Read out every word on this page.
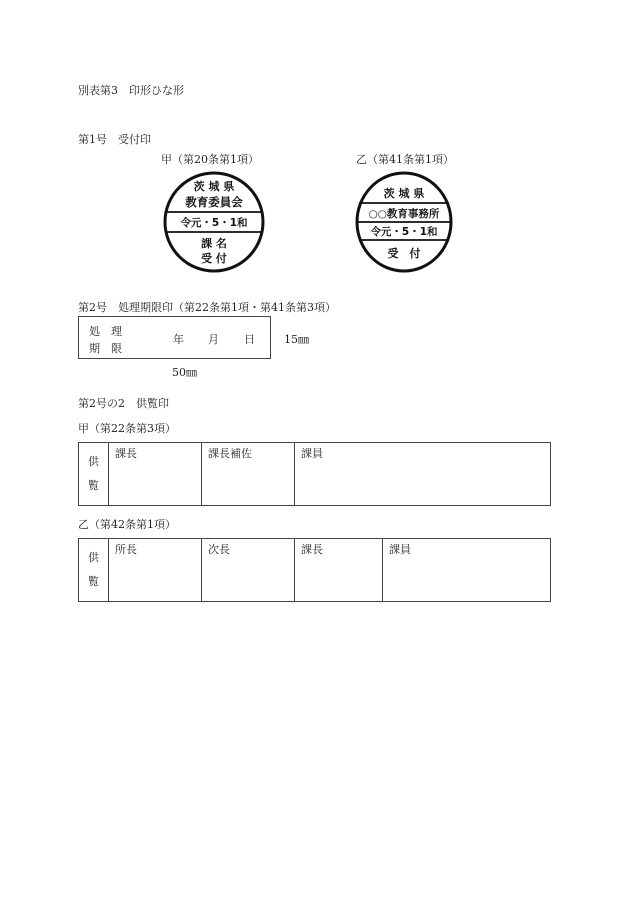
別表第3　印形ひな形
第1号　受付印
甲（第20条第1項）	乙（第41条第1項）
茨 城 県
教育委員会
令元・5・1和
課 名
受 付
茨 城 県
○○教育事務所
令元・5・1和
受　付
第2号　処理期限印（第22条第1項・第41条第3項）
処　理
期　限
年 月 日	15㎜
50㎜
第2号の2　供覧印
甲（第22条第3項）
供
覧
	課長	課長補佐	課員
乙（第42条第1項）
供
覧
	所長	次長	課長	課員
